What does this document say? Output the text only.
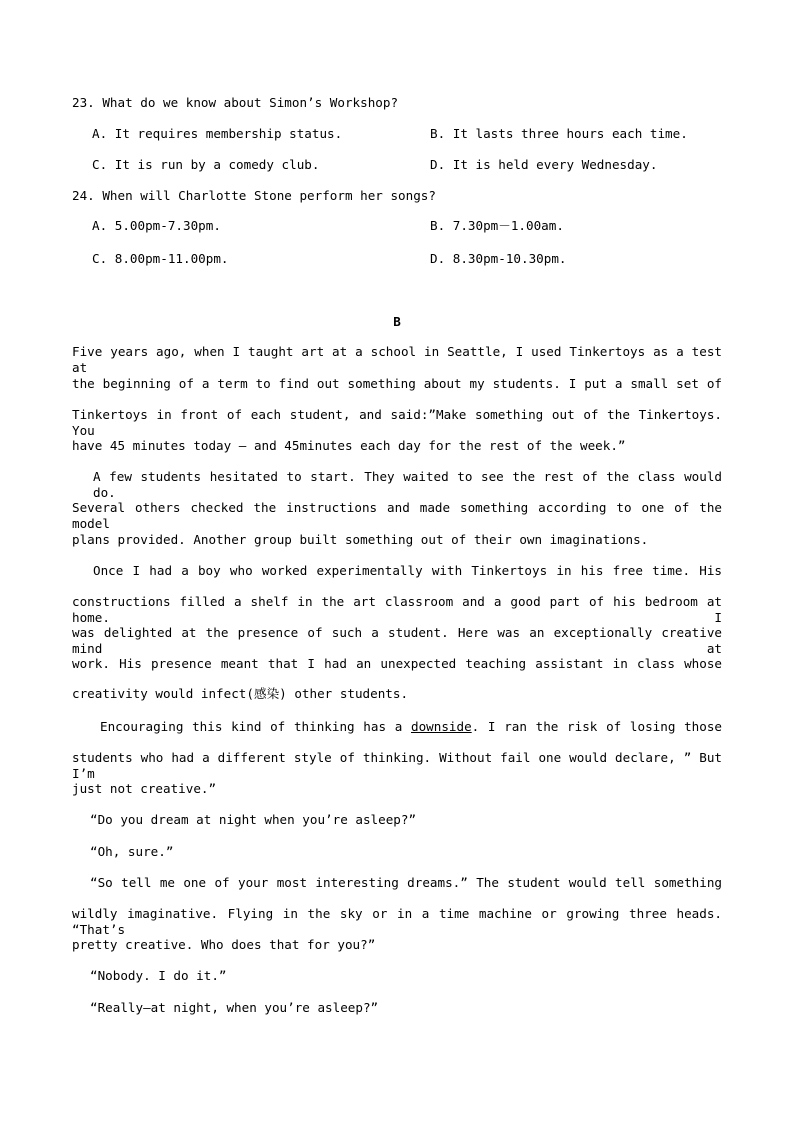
23. What do we know about Simon’s Workshop?
A. It requires membership status.	B. It lasts three hours each time.
C. It is run by a comedy club.	D. It is held every Wednesday.
24. When will Charlotte Stone perform her songs?
A. 5.00pm-7.30pm.	B. 7.30pm－1.00am.
C. 8.00pm-11.00pm.	D. 8.30pm-10.30pm.
B
Five years ago, when I taught art at a school in Seattle, I used Tinkertoys as a test at
the beginning of a term to find out something about my students. I put a small set of
Tinkertoys in front of each student, and said:”Make something out of the Tinkertoys. You
have 45 minutes today – and 45minutes each day for the rest of the week.”
A few students hesitated to start. They waited to see the rest of the class would do.
Several others checked the instructions and made something according to one of the model
plans provided. Another group built something out of their own imaginations.
Once I had a boy who worked experimentally with Tinkertoys in his free time. His
constructions filled a shelf in the art classroom and a good part of his bedroom at home. I
was delighted at the presence of such a student. Here was an exceptionally creative mind at
work. His presence meant that I had an unexpected teaching assistant in class whose
creativity would infect(感染) other students.
Encouraging this kind of thinking has a downside. I ran the risk of losing those
students who had a different style of thinking. Without fail one would declare, ” But I’m
just not creative.”
“Do you dream at night when you’re asleep?”
“Oh, sure.”
“So tell me one of your most interesting dreams.” The student would tell something
wildly imaginative. Flying in the sky or in a time machine or growing three heads. “That’s
pretty creative. Who does that for you?”
“Nobody. I do it.”
“Really—at night, when you’re asleep?”
